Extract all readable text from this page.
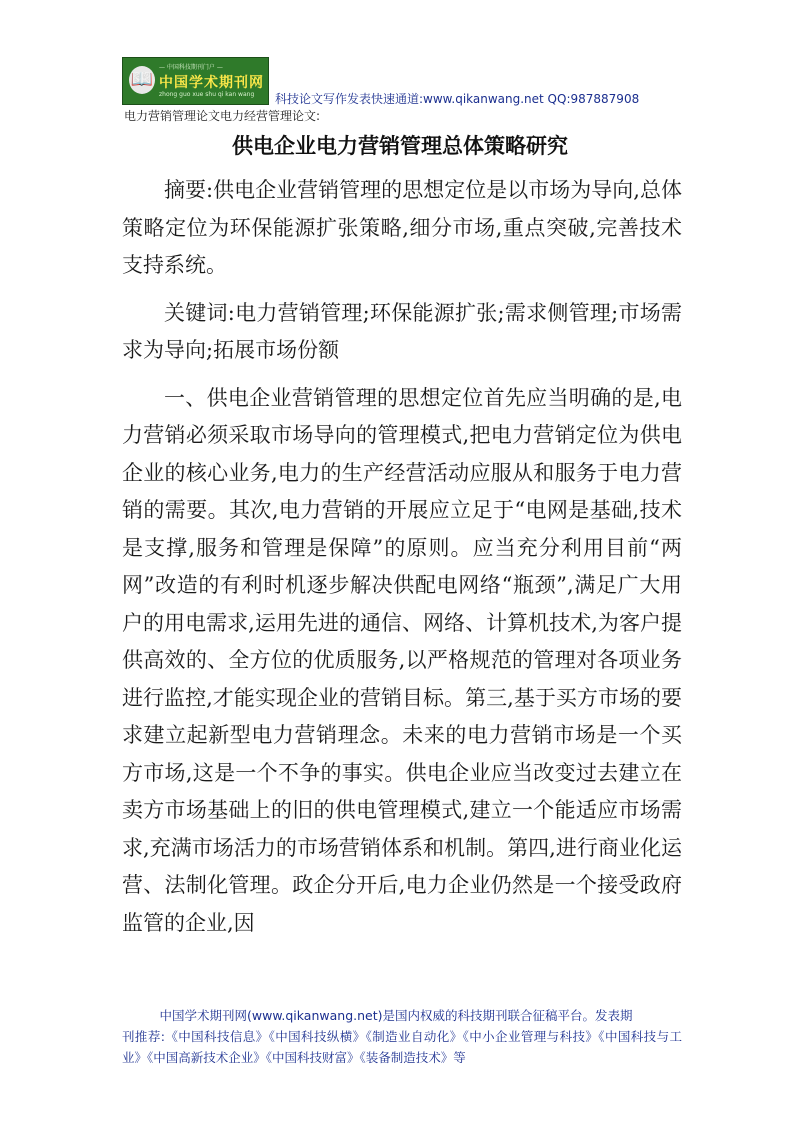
📖
— 中国科技期刊门户 —
中国学术期刊网
zhong guo xue shu qi kan wang 科技论文写作发表快速通道:www.qikanwang.net QQ:987887908
电力营销管理论文电力经营管理论文:
供电企业电力营销管理总体策略研究

摘要:供电企业营销管理的思想定位是以市场为导向,总体策略定位为环保能源扩张策略,细分市场,重点突破,完善技术支持系统。

关键词:电力营销管理;环保能源扩张;需求侧管理;市场需求为导向;拓展市场份额

一、供电企业营销管理的思想定位首先应当明确的是,电力营销必须采取市场导向的管理模式,把电力营销定位为供电企业的核心业务,电力的生产经营活动应服从和服务于电力营销的需要。其次,电力营销的开展应立足于“电网是基础,技术是支撑,服务和管理是保障”的原则。应当充分利用目前“两网”改造的有利时机逐步解决供配电网络“瓶颈”,满足广大用户的用电需求,运用先进的通信、网络、计算机技术,为客户提供高效的、全方位的优质服务,以严格规范的管理对各项业务进行监控,才能实现企业的营销目标。第三,基于买方市场的要求建立起新型电力营销理念。未来的电力营销市场是一个买方市场,这是一个不争的事实。供电企业应当改变过去建立在卖方市场基础上的旧的供电管理模式,建立一个能适应市场需求,充满市场活力的市场营销体系和机制。第四,进行商业化运营、法制化管理。政企分开后,电力企业仍然是一个接受政府监管的企业,因

中国学术期刊网(www.qikanwang.net)是国内权威的科技期刊联合征稿平台。发表期
刊推荐:《中国科技信息》《中国科技纵横》《制造业自动化》《中小企业管理与科技》《中国科技与工业》《中国高新技术企业》《中国科技财富》《装备制造技术》等
